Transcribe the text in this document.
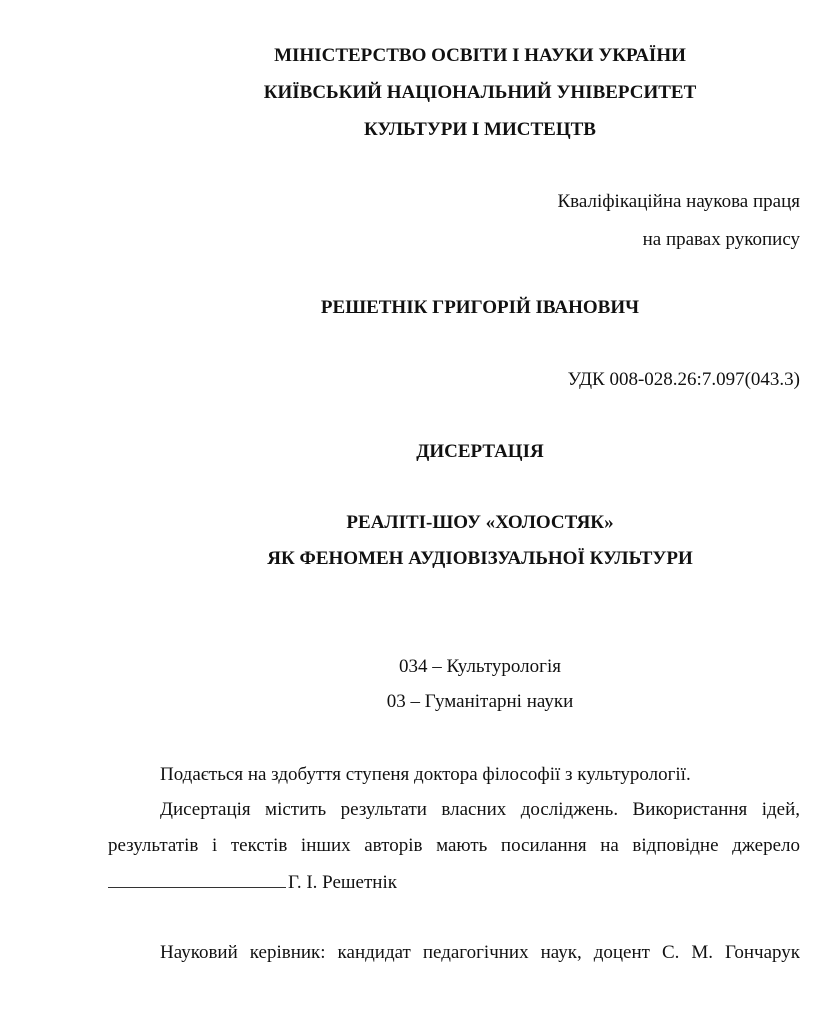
МІНІСТЕРСТВО ОСВІТИ І НАУКИ УКРАЇНИ
КИЇВСЬКИЙ НАЦІОНАЛЬНИЙ УНІВЕРСИТЕТ
КУЛЬТУРИ І МИСТЕЦТВ
Кваліфікаційна наукова праця
на правах рукопису
РЕШЕТНІК ГРИГОРІЙ ІВАНОВИЧ
УДК 008-028.26:7.097(043.3)
ДИСЕРТАЦІЯ
РЕАЛІТІ-ШОУ «ХОЛОСТЯК»
ЯК ФЕНОМЕН АУДІОВІЗУАЛЬНОЇ КУЛЬТУРИ
034 – Культурологія
03 – Гуманітарні науки
Подається на здобуття ступеня доктора філософії з культурології.
Дисертація містить результати власних досліджень. Використання ідей,
результатів і текстів інших авторів мають посилання на відповідне джерело
Г. І. Решетнік
Науковий керівник: кандидат педагогічних наук, доцент С. М. Гончарук
